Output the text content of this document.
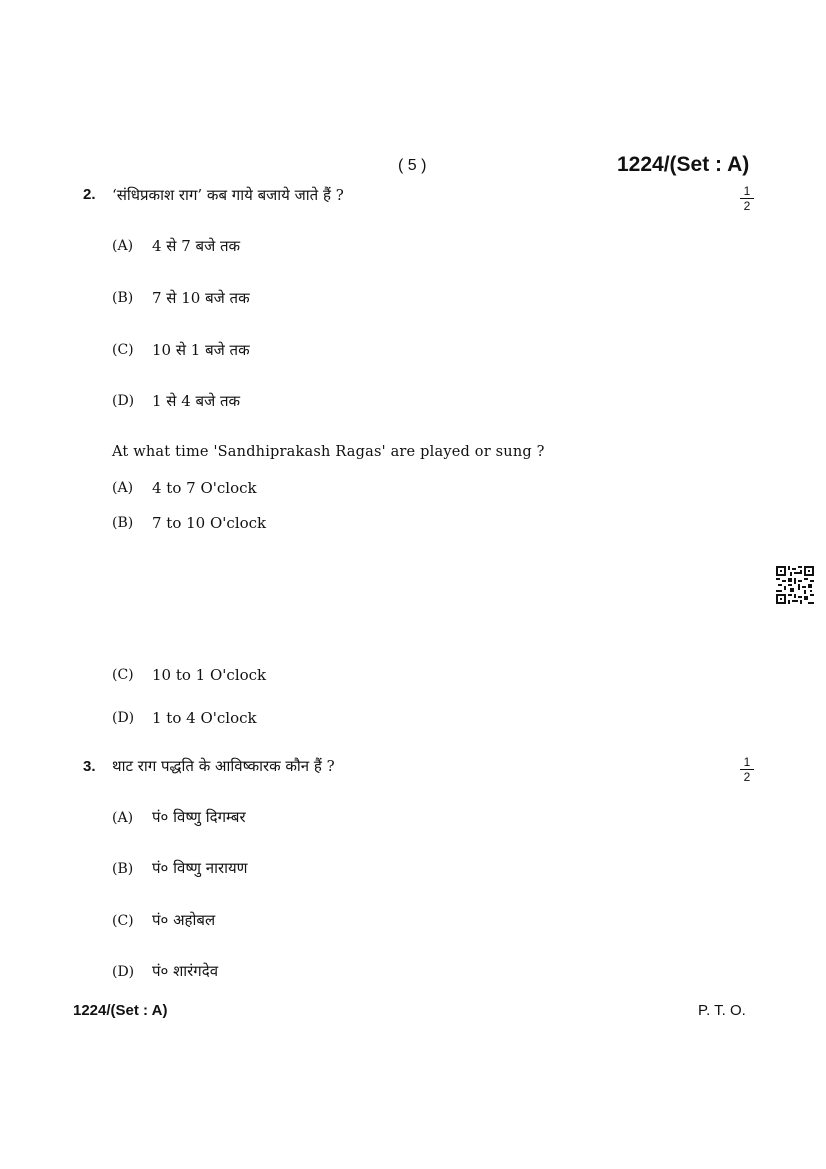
( 5 )	1224/(Set : A)
2. ‘संधिप्रकाश राग’ कब गाये बजाये जाते हैं ?	1
2
(A) 4 से 7 बजे तक
(B) 7 से 10 बजे तक
(C) 10 से 1 बजे तक
(D) 1 से 4 बजे तक
At what time 'Sandhiprakash Ragas' are played or sung ?
(A) 4 to 7 O'clock
(B) 7 to 10 O'clock
(C) 10 to 1 O'clock
(D) 1 to 4 O'clock
3. थाट राग पद्धति के आविष्कारक कौन हैं ?	1
2
(A) पं० विष्णु दिगम्बर
(B) पं० विष्णु नारायण
(C) पं० अहोबल
(D) पं० शारंगदेव
1224/(Set : A)	P. T. O.
